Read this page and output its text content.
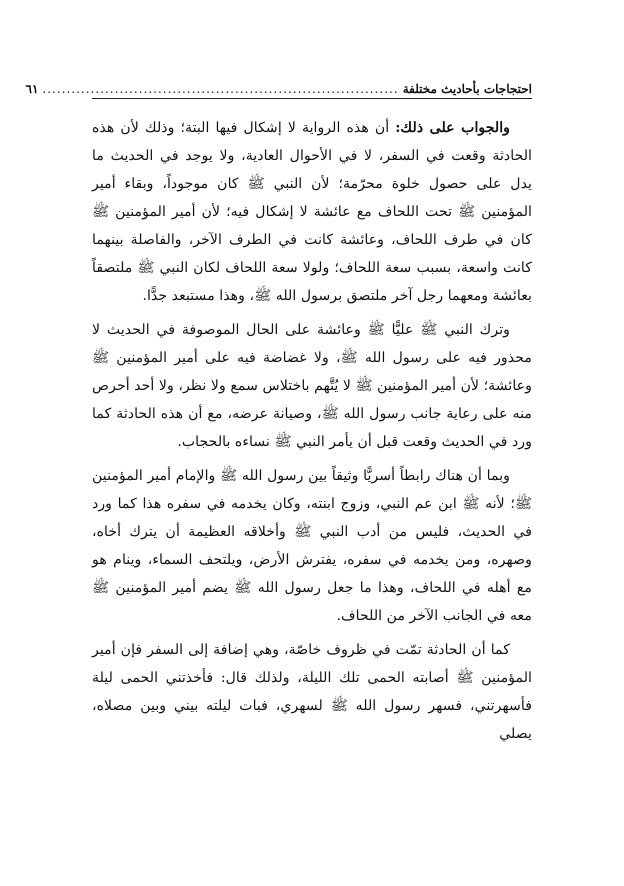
احتجاجات بأحاديث مختلفة
..........................................................................
٦١

والجواب على ذلك: أن هذه الرواية لا إشكال فيها البتة؛ وذلك لأن هذه الحادثة وقعت في السفر، لا في الأحوال العادية، ولا يوجد في الحديث ما يدل على حصول خلوة محرّمة؛ لأن النبي ﷺ كان موجوداً، وبقاء أمير المؤمنين ﷺ تحت اللحاف مع عائشة لا إشكال فيه؛ لأن أمير المؤمنين ﷺ كان في طرف اللحاف، وعائشة كانت في الطرف الآخر، والفاصلة بينهما كانت واسعة، بسبب سعة اللحاف؛ ولولا سعة اللحاف لكان النبي ﷺ ملتصقاً بعائشة ومعهما رجل آخر ملتصق برسول الله ﷺ، وهذا مستبعد جدًّا.

وترك النبي ﷺ عليًّا ﷺ وعائشة على الحال الموصوفة في الحديث لا محذور فيه على رسول الله ﷺ، ولا غضاضة فيه على أمير المؤمنين ﷺ وعائشة؛ لأن أمير المؤمنين ﷺ لا يُتَّهم باختلاس سمع ولا نظر، ولا أحد أحرص منه على رعاية جانب رسول الله ﷺ، وصيانة عرضه، مع أن هذه الحادثة كما ورد في الحديث وقعت قبل أن يأمر النبي ﷺ نساءه بالحجاب.

وبما أن هناك رابطاً أسريًّا وثيقاً بين رسول الله ﷺ والإمام أمير المؤمنين ﷺ؛ لأنه ﷺ ابن عم النبي، وزوج ابنته، وكان يخدمه في سفره هذا كما ورد في الحديث، فليس من أدب النبي ﷺ وأخلاقه العظيمة أن يترك أخاه، وصهره، ومن يخدمه في سفره، يفترش الأرض، ويلتحف السماء، وينام هو مع أهله في اللحاف، وهذا ما جعل رسول الله ﷺ يضم أمير المؤمنين ﷺ معه في الجانب الآخر من اللحاف.

كما أن الحادثة تمّت في ظروف خاصّة، وهي إضافة إلى السفر فإن أمير المؤمنين ﷺ أصابته الحمى تلك الليلة، ولذلك قال: فأخذتني الحمى ليلة فأسهرتني، فسهر رسول الله ﷺ لسهري، فبات ليلته بيني وبين مصلاه، يصلي
